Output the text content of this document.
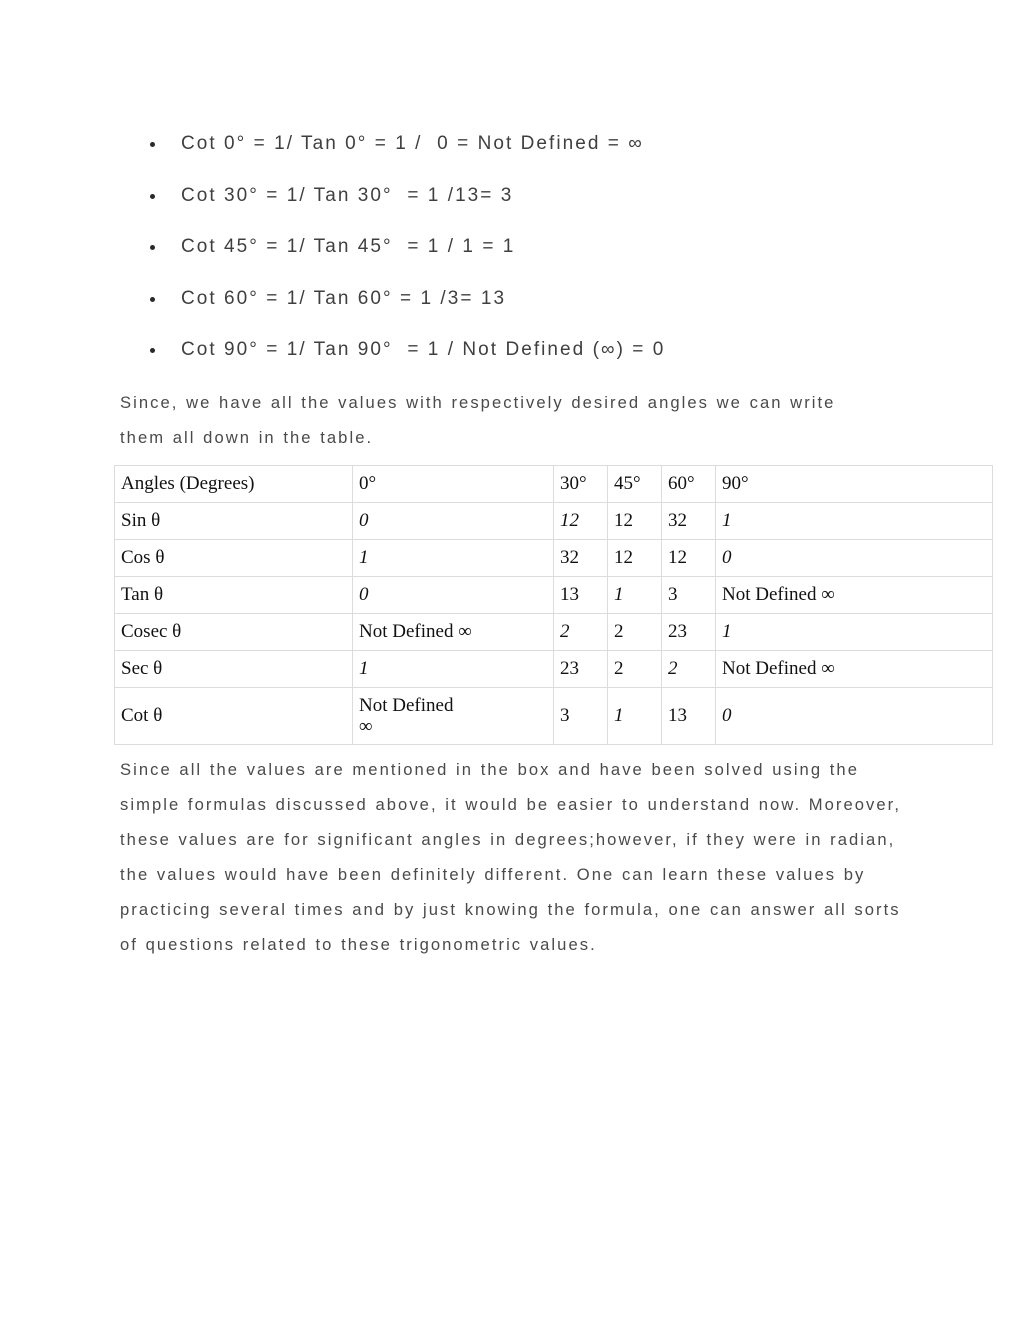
Cot 0° = 1/ Tan 0° = 1 /  0 = Not Defined = ∞

Cot 30° = 1/ Tan 30°  = 1 /13= 3

Cot 45° = 1/ Tan 45°  = 1 / 1 = 1

Cot 60° = 1/ Tan 60° = 1 /3= 13

Cot 90° = 1/ Tan 90°  = 1 / Not Defined (∞) = 0

Since, we have all the values with respectively desired angles we can write them all down in the table.

Angles (Degrees)	0°	30°	45°	60°	90°
Sin θ	0	12	12	32	1
Cos θ	1	32	12	12	0
Tan θ	0	13	1	3	Not Defined ∞
Cosec θ	Not Defined ∞	2	2	23	1
Sec θ	1	23	2	2	Not Defined ∞
Cot θ	Not Defined
∞	3	1	13	0

Since all the values are mentioned in the box and have been solved using the simple formulas discussed above, it would be easier to understand now. Moreover, these values are for significant angles in degrees;however, if they were in radian, the values would have been definitely different. One can learn these values by practicing several times and by just knowing the formula, one can answer all sorts of questions related to these trigonometric values.
